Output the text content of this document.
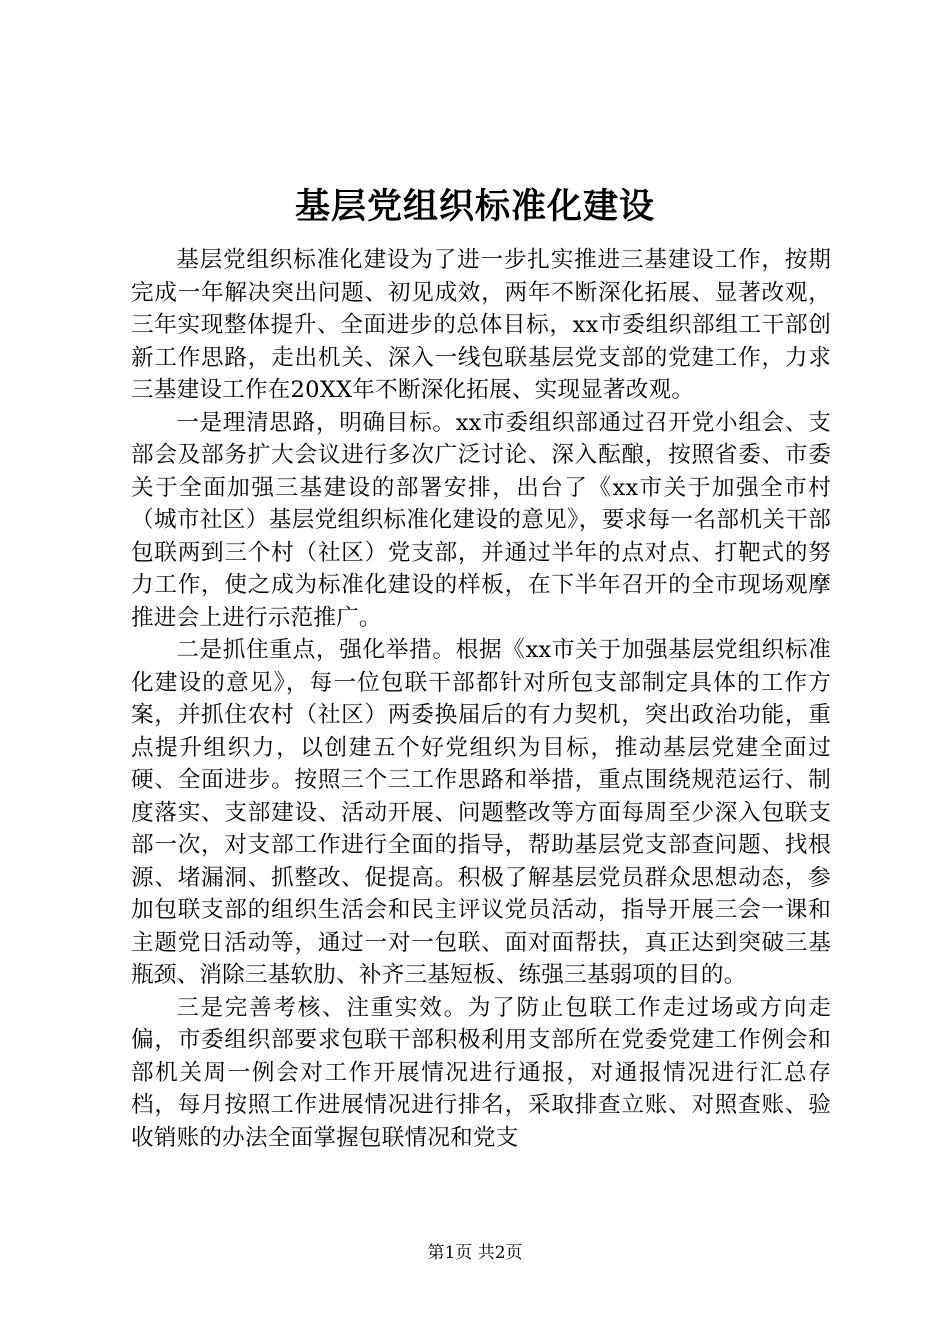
基层党组织标准化建设

基层党组织标准化建设为了进一步扎实推进三基建设工作，按期完成一年解决突出问题、初见成效，两年不断深化拓展、显著改观，三年实现整体提升、全面进步的总体目标，xx市委组织部组工干部创新工作思路，走出机关、深入一线包联基层党支部的党建工作，力求三基建设工作在20XX年不断深化拓展、实现显著改观。

一是理清思路，明确目标。xx市委组织部通过召开党小组会、支部会及部务扩大会议进行多次广泛讨论、深入酝酿，按照省委、市委关于全面加强三基建设的部署安排，出台了《xx市关于加强全市村（城市社区）基层党组织标准化建设的意见》，要求每一名部机关干部包联两到三个村（社区）党支部，并通过半年的点对点、打靶式的努力工作，使之成为标准化建设的样板，在下半年召开的全市现场观摩推进会上进行示范推广。

二是抓住重点，强化举措。根据《xx市关于加强基层党组织标准化建设的意见》，每一位包联干部都针对所包支部制定具体的工作方案，并抓住农村（社区）两委换届后的有力契机，突出政治功能，重点提升组织力，以创建五个好党组织为目标，推动基层党建全面过硬、全面进步。按照三个三工作思路和举措，重点围绕规范运行、制度落实、支部建设、活动开展、问题整改等方面每周至少深入包联支部一次，对支部工作进行全面的指导，帮助基层党支部查问题、找根源、堵漏洞、抓整改、促提高。积极了解基层党员群众思想动态，参加包联支部的组织生活会和民主评议党员活动，指导开展三会一课和主题党日活动等，通过一对一包联、面对面帮扶，真正达到突破三基瓶颈、消除三基软肋、补齐三基短板、练强三基弱项的目的。

三是完善考核、注重实效。为了防止包联工作走过场或方向走偏，市委组织部要求包联干部积极利用支部所在党委党建工作例会和部机关周一例会对工作开展情况进行通报，对通报情况进行汇总存档，每月按照工作进展情况进行排名，采取排查立账、对照查账、验收销账的办法全面掌握包联情况和党支

第1页 共2页
